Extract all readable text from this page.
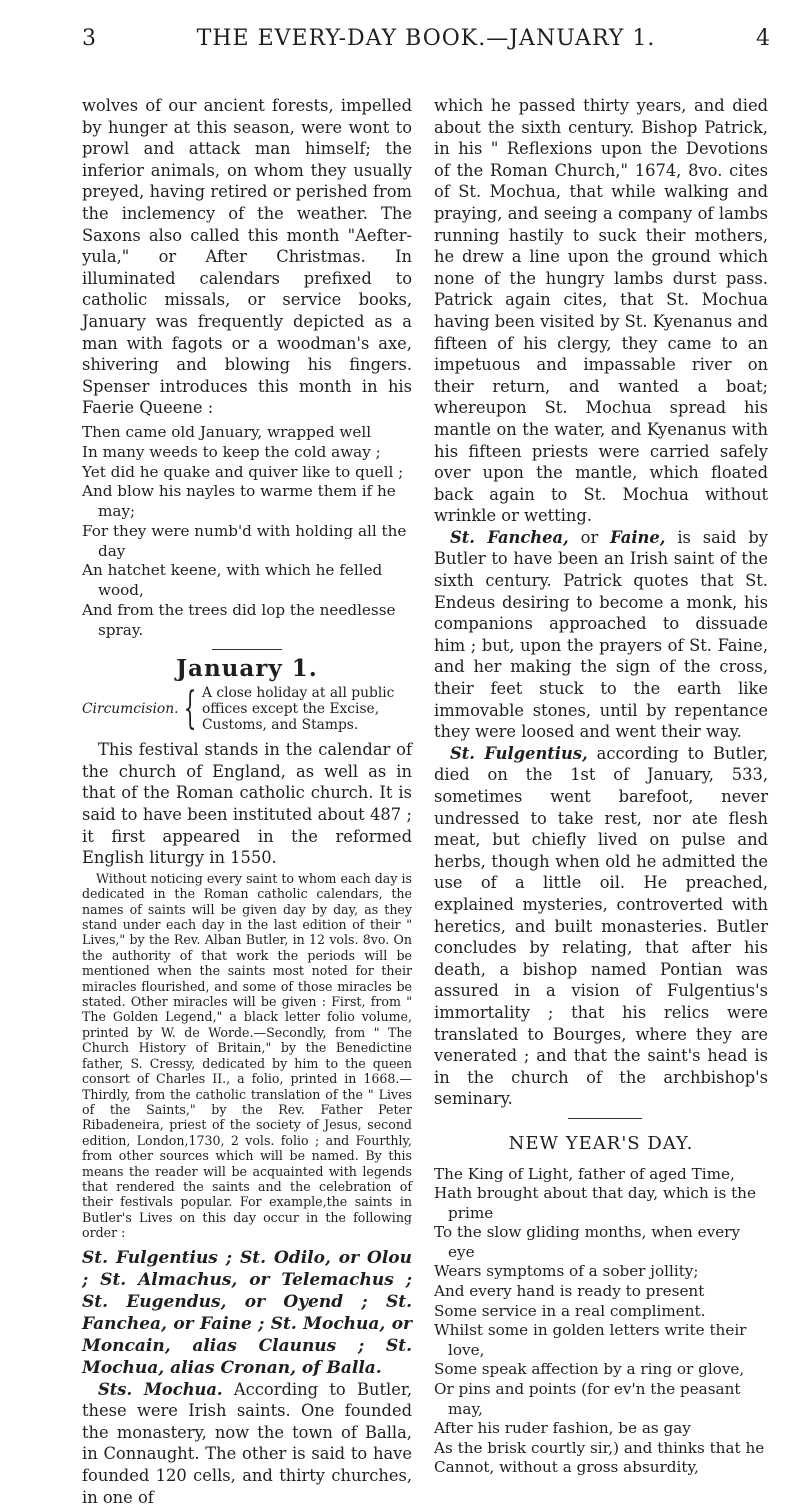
3	THE EVERY-DAY BOOK.—JANUARY 1.	4

wolves of our ancient forests, impelled by hunger at this season, were wont to prowl and attack man himself; the inferior animals, on whom they usually preyed, having retired or perished from the inclemency of the weather. The Saxons also called this month "Aefter-yula," or After Christmas. In illuminated calendars prefixed to catholic missals, or service books, January was frequently depicted as a man with fagots or a woodman's axe, shivering and blowing his fingers. Spenser introduces this month in his Faerie Queene :

Then came old January, wrapped well
In many weeds to keep the cold away ;
Yet did he quake and quiver like to quell ;
And blow his nayles to warme them if he may;
For they were numb'd with holding all the day
An hatchet keene, with which he felled wood,
And from the trees did lop the needlesse spray.
January 1.
Circumcision. { A close holiday at all public offices except the Excise, Customs, and Stamps.

This festival stands in the calendar of the church of England, as well as in that of the Roman catholic church. It is said to have been instituted about 487 ; it first appeared in the reformed English liturgy in 1550.

Without noticing every saint to whom each day is dedicated in the Roman catholic calendars, the names of saints will be given day by day, as they stand under each day in the last edition of their " Lives," by the Rev. Alban Butler, in 12 vols. 8vo. On the authority of that work the periods will be mentioned when the saints most noted for their miracles flourished, and some of those miracles be stated. Other miracles will be given : First, from " The Golden Legend," a black letter folio volume, printed by W. de Worde.—Secondly, from " The Church History of Britain," by the Benedictine father, S. Cressy, dedicated by him to the queen consort of Charles II., a folio, printed in 1668.—Thirdly, from the catholic translation of the " Lives of the Saints," by the Rev. Father Peter Ribadeneira, priest of the society of Jesus, second edition, London,1730, 2 vols. folio ; and Fourthly, from other sources which will be named. By this means the reader will be acquainted with legends that rendered the saints and the celebration of their festivals popular. For example,the saints in Butler's Lives on this day occur in the following order :

St. Fulgentius ; St. Odilo, or Olou ; St. Almachus, or Telemachus ; St. Eugendus, or Oyend ; St. Fanchea, or Faine ; St. Mochua, or Moncain, alias Claunus ; St. Mochua, alias Cronan, of Balla.

Sts. Mochua. According to Butler, these were Irish saints. One founded the monastery, now the town of Balla, in Connaught. The other is said to have founded 120 cells, and thirty churches, in one of

which he passed thirty years, and died about the sixth century. Bishop Patrick, in his " Reflexions upon the Devotions of the Roman Church," 1674, 8vo. cites of St. Mochua, that while walking and praying, and seeing a company of lambs running hastily to suck their mothers, he drew a line upon the ground which none of the hungry lambs durst pass. Patrick again cites, that St. Mochua having been visited by St. Kyenanus and fifteen of his clergy, they came to an impetuous and impassable river on their return, and wanted a boat; whereupon St. Mochua spread his mantle on the water, and Kyenanus with his fifteen priests were carried safely over upon the mantle, which floated back again to St. Mochua without wrinkle or wetting.

St. Fanchea, or Faine, is said by Butler to have been an Irish saint of the sixth century. Patrick quotes that St. Endeus desiring to become a monk, his companions approached to dissuade him ; but, upon the prayers of St. Faine, and her making the sign of the cross, their feet stuck to the earth like immovable stones, until by repentance they were loosed and went their way.

St. Fulgentius, according to Butler, died on the 1st of January, 533, sometimes went barefoot, never undressed to take rest, nor ate flesh meat, but chiefly lived on pulse and herbs, though when old he admitted the use of a little oil. He preached, explained mysteries, controverted with heretics, and built monasteries. Butler concludes by relating, that after his death, a bishop named Pontian was assured in a vision of Fulgentius's immortality ; that his relics were translated to Bourges, where they are venerated ; and that the saint's head is in the church of the archbishop's seminary.

NEW YEAR'S DAY.
The King of Light, father of aged Time,
Hath brought about that day, which is the prime
To the slow gliding months, when every eye
Wears symptoms of a sober jollity;
And every hand is ready to present
Some service in a real compliment.
Whilst some in golden letters write their love,
Some speak affection by a ring or glove,
Or pins and points (for ev'n the peasant may,
After his ruder fashion, be as gay
As the brisk courtly sir,) and thinks that he
Cannot, without a gross absurdity,
